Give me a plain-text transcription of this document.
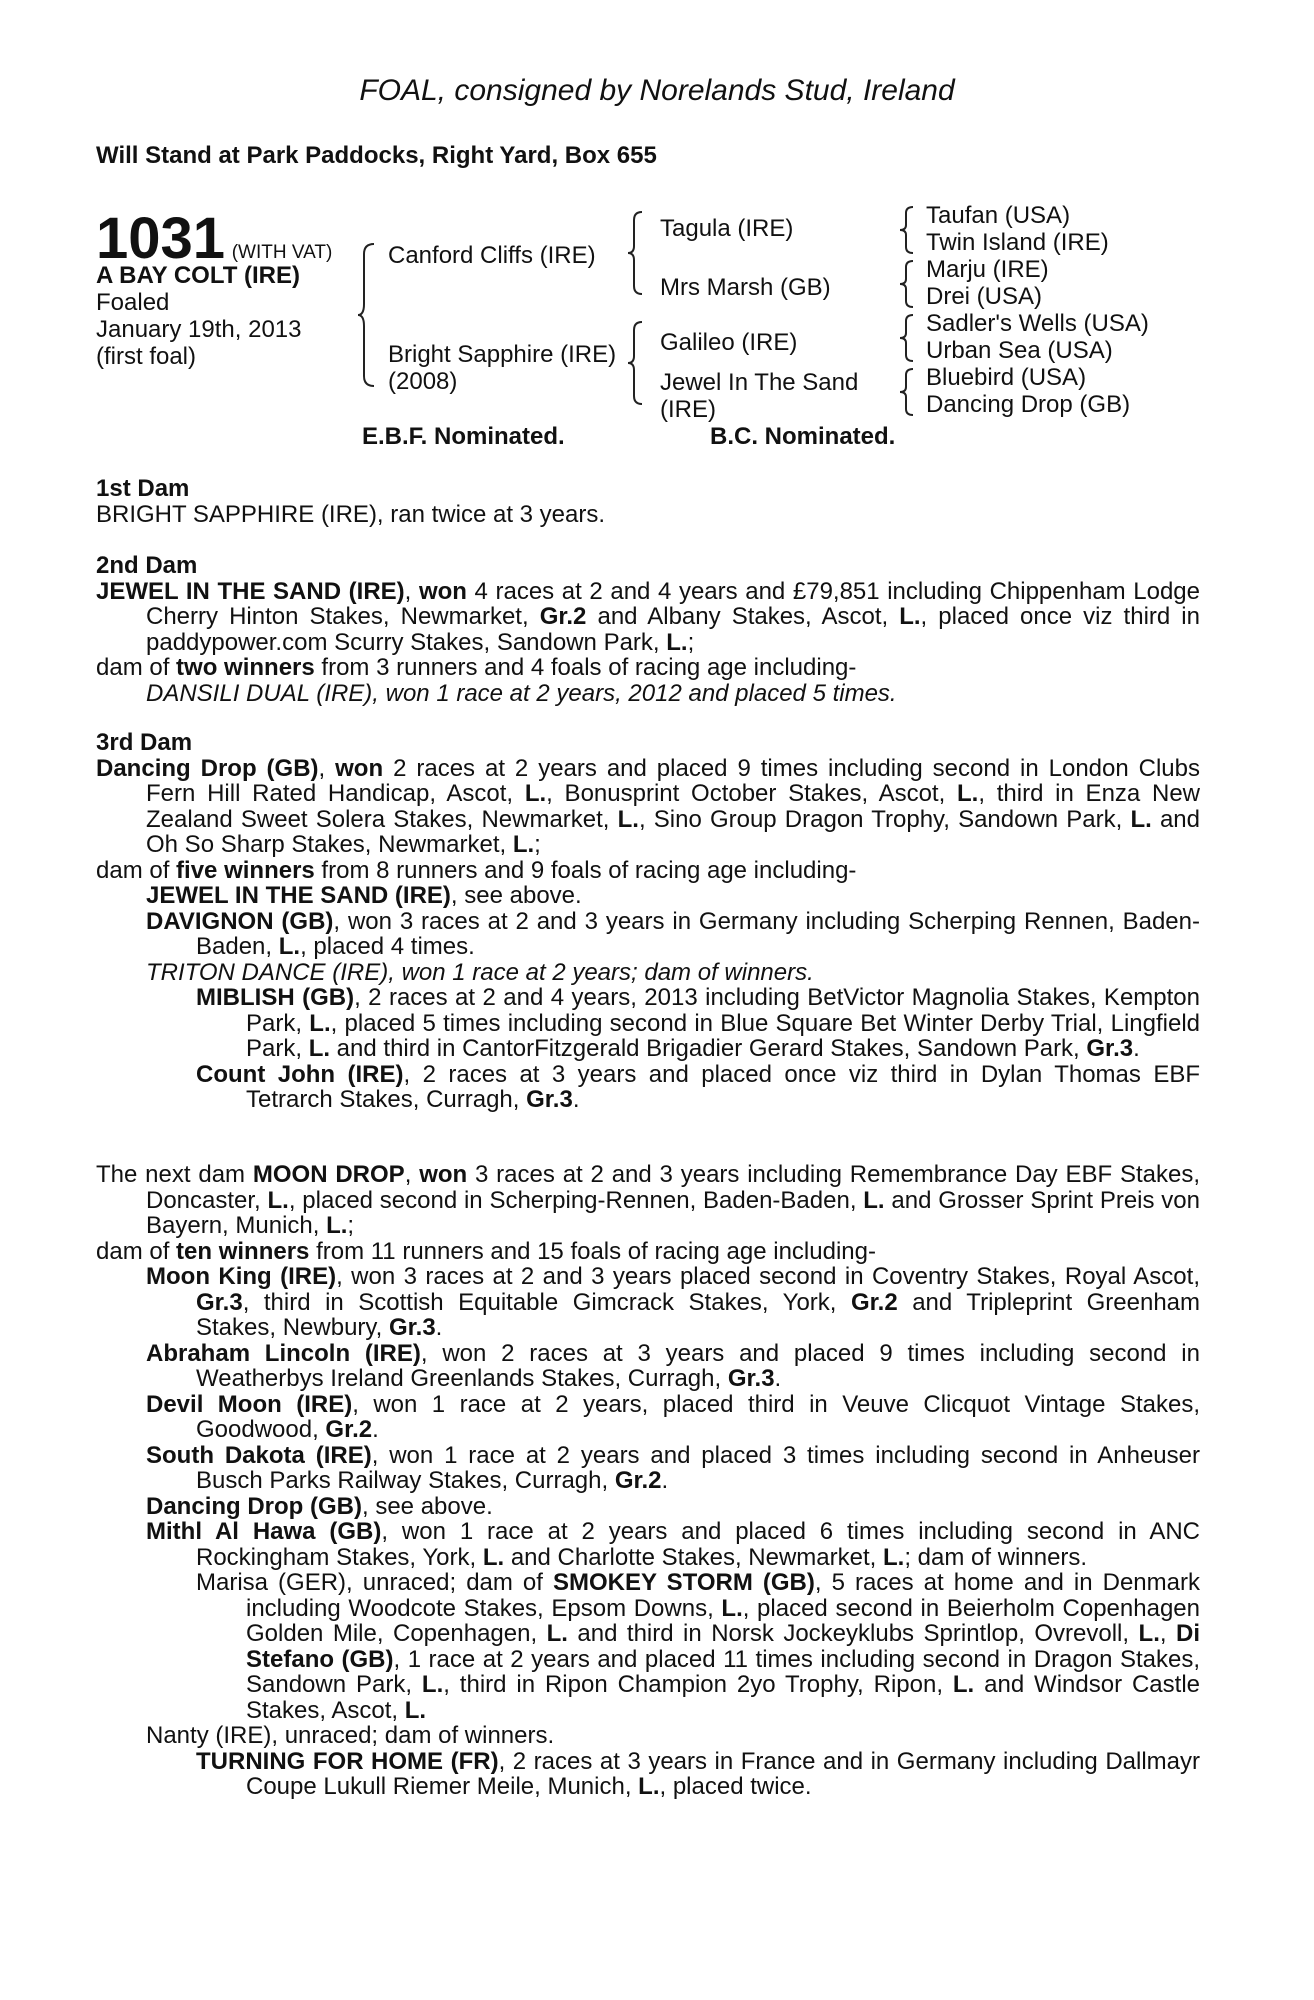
FOAL, consigned by Norelands Stud, Ireland
Will Stand at Park Paddocks, Right Yard, Box 655
1031 (WITH VAT)
A BAY COLT (IRE)
Foaled
January 19th, 2013
(first foal)
Canford Cliffs (IRE)
Bright Sapphire (IRE)
(2008)
Tagula (IRE)
Mrs Marsh (GB)
Galileo (IRE)
Jewel In The Sand
(IRE)
Taufan (USA)
Twin Island (IRE)
Marju (IRE)
Drei (USA)
Sadler's Wells (USA)
Urban Sea (USA)
Bluebird (USA)
Dancing Drop (GB)
E.B.F. Nominated.	B.C. Nominated.

1st Dam

BRIGHT SAPPHIRE (IRE), ran twice at 3 years.

2nd Dam

JEWEL IN THE SAND (IRE), won 4 races at 2 and 4 years and £79,851 including Chippenham Lodge Cherry Hinton Stakes, Newmarket, Gr.2 and Albany Stakes, Ascot, L., placed once viz third in paddypower.com Scurry Stakes, Sandown Park, L.;

dam of two winners from 3 runners and 4 foals of racing age including-

DANSILI DUAL (IRE), won 1 race at 2 years, 2012 and placed 5 times.

3rd Dam

Dancing Drop (GB), won 2 races at 2 years and placed 9 times including second in London Clubs Fern Hill Rated Handicap, Ascot, L., Bonusprint October Stakes, Ascot, L., third in Enza New Zealand Sweet Solera Stakes, Newmarket, L., Sino Group Dragon Trophy, Sandown Park, L. and Oh So Sharp Stakes, Newmarket, L.;

dam of five winners from 8 runners and 9 foals of racing age including-

JEWEL IN THE SAND (IRE), see above.

DAVIGNON (GB), won 3 races at 2 and 3 years in Germany including Scherping Rennen, Baden-Baden, L., placed 4 times.

TRITON DANCE (IRE), won 1 race at 2 years; dam of winners.

MIBLISH (GB), 2 races at 2 and 4 years, 2013 including BetVictor Magnolia Stakes, Kempton Park, L., placed 5 times including second in Blue Square Bet Winter Derby Trial, Lingfield Park, L. and third in CantorFitzgerald Brigadier Gerard Stakes, Sandown Park, Gr.3.

Count John (IRE), 2 races at 3 years and placed once viz third in Dylan Thomas EBF Tetrarch Stakes, Curragh, Gr.3.

The next dam MOON DROP, won 3 races at 2 and 3 years including Remembrance Day EBF Stakes, Doncaster, L., placed second in Scherping-Rennen, Baden-Baden, L. and Grosser Sprint Preis von Bayern, Munich, L.;

dam of ten winners from 11 runners and 15 foals of racing age including-

Moon King (IRE), won 3 races at 2 and 3 years placed second in Coventry Stakes, Royal Ascot, Gr.3, third in Scottish Equitable Gimcrack Stakes, York, Gr.2 and Tripleprint Greenham Stakes, Newbury, Gr.3.

Abraham Lincoln (IRE), won 2 races at 3 years and placed 9 times including second in Weatherbys Ireland Greenlands Stakes, Curragh, Gr.3.

Devil Moon (IRE), won 1 race at 2 years, placed third in Veuve Clicquot Vintage Stakes, Goodwood, Gr.2.

South Dakota (IRE), won 1 race at 2 years and placed 3 times including second in Anheuser Busch Parks Railway Stakes, Curragh, Gr.2.

Dancing Drop (GB), see above.

Mithl Al Hawa (GB), won 1 race at 2 years and placed 6 times including second in ANC Rockingham Stakes, York, L. and Charlotte Stakes, Newmarket, L.; dam of winners.

Marisa (GER), unraced; dam of SMOKEY STORM (GB), 5 races at home and in Denmark including Woodcote Stakes, Epsom Downs, L., placed second in Beierholm Copenhagen Golden Mile, Copenhagen, L. and third in Norsk Jockeyklubs Sprintlop, Ovrevoll, L., Di Stefano (GB), 1 race at 2 years and placed 11 times including second in Dragon Stakes, Sandown Park, L., third in Ripon Champion 2yo Trophy, Ripon, L. and Windsor Castle Stakes, Ascot, L.

Nanty (IRE), unraced; dam of winners.

TURNING FOR HOME (FR), 2 races at 3 years in France and in Germany including Dallmayr Coupe Lukull Riemer Meile, Munich, L., placed twice.
